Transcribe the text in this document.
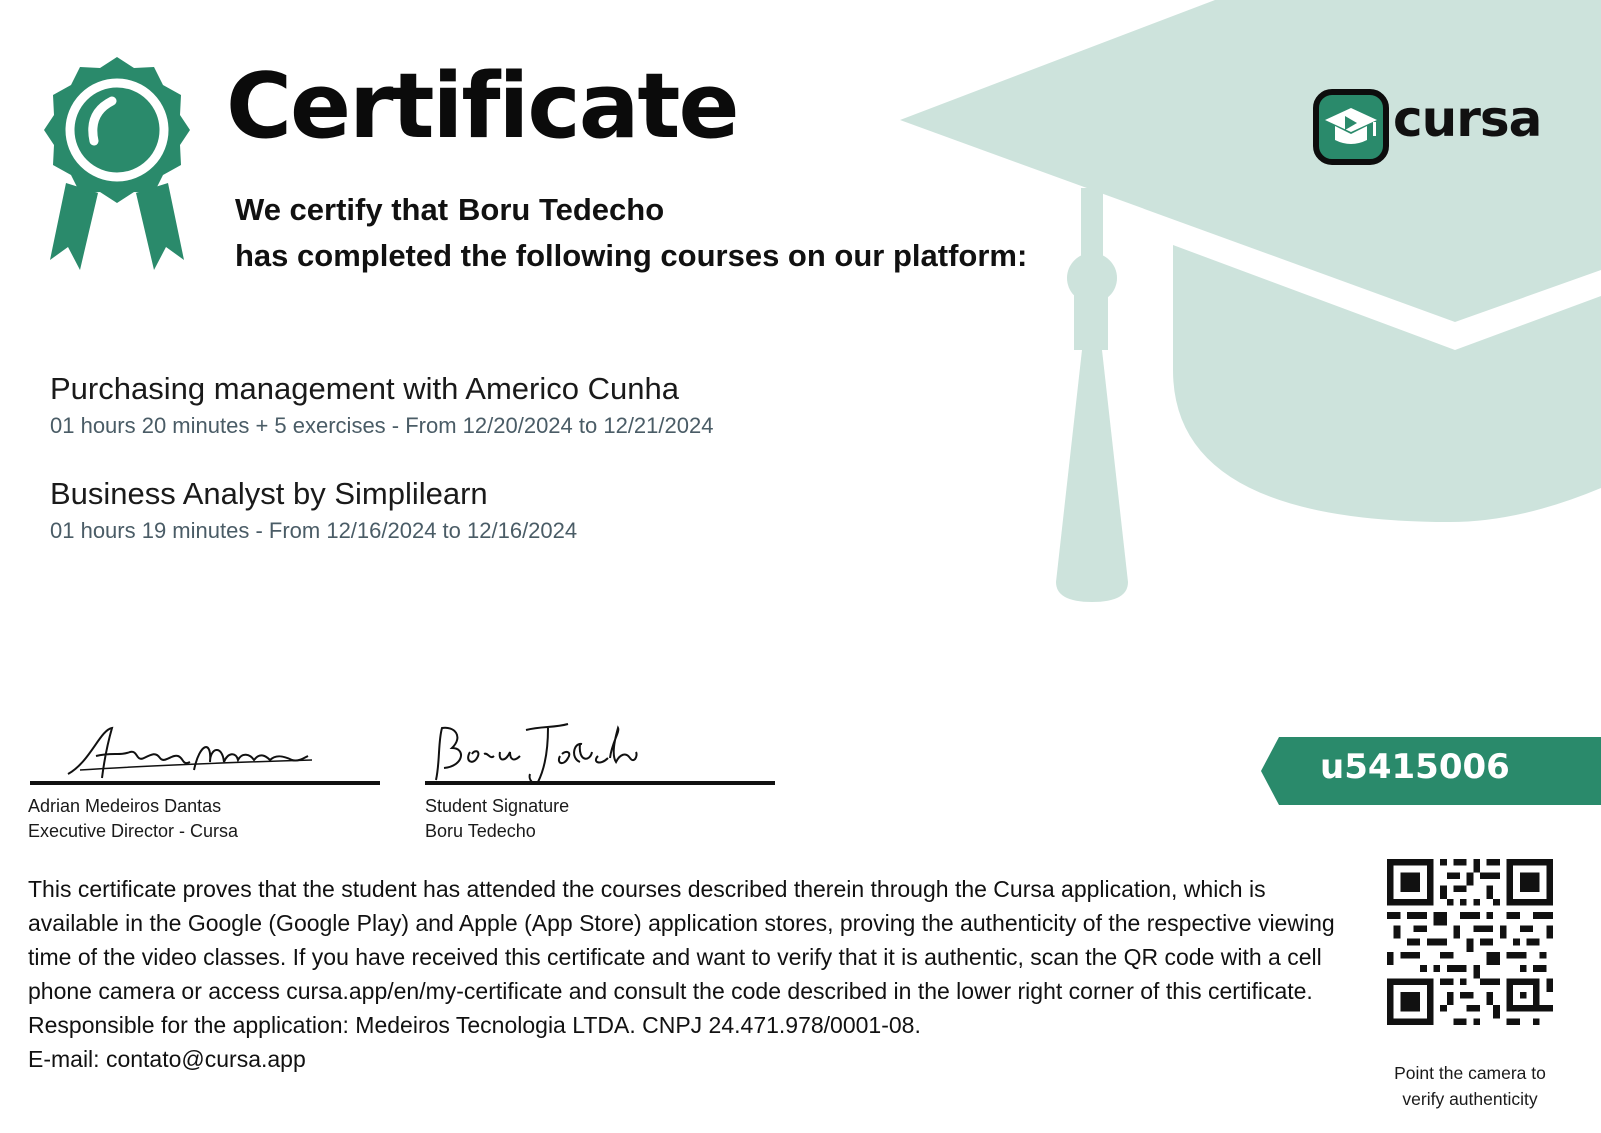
Certificate
We certify that Boru Tedecho
has completed the following courses on our platform:
cursa
Purchasing management with Americo Cunha
01 hours 20 minutes + 5 exercises - From 12/20/2024 to 12/21/2024
Business Analyst by Simplilearn
01 hours 19 minutes - From 12/16/2024 to 12/16/2024
Adrian Medeiros Dantas
Executive Director - Cursa
Student Signature
Boru Tedecho
u5415006

This certificate proves that the student has attended the courses described therein through the Cursa application, which is available in the Google (Google Play) and Apple (App Store) application stores, proving the authenticity of the respective viewing time of the video classes. If you have received this certificate and want to verify that it is authentic, scan the QR code with a cell phone camera or access cursa.app/en/my-certificate and consult the code described in the lower right corner of this certificate.

Responsible for the application: Medeiros Tecnologia LTDA. CNPJ 24.471.978/0001-08.

E-mail: contato@cursa.app

Point the camera to
verify authenticity
